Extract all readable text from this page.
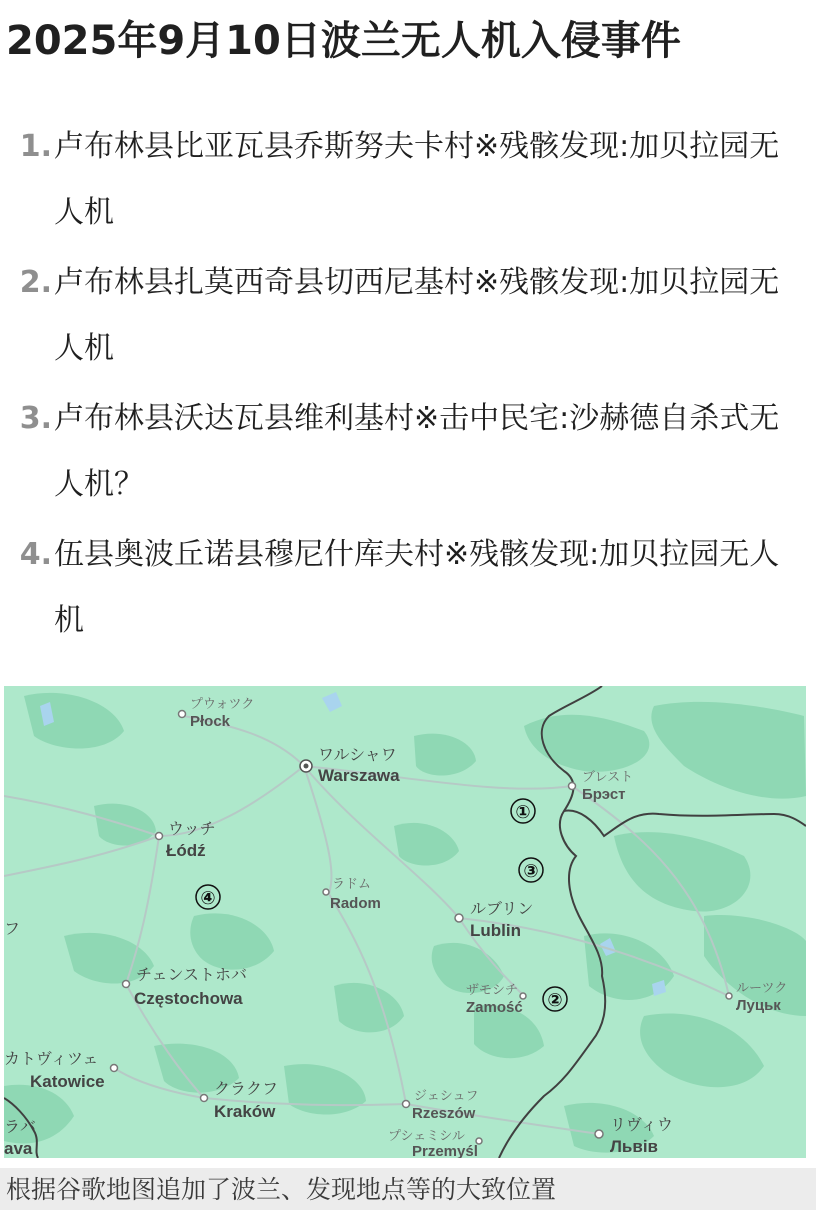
2025年9月10日波兰无人机入侵事件
1. 卢布林县比亚瓦县乔斯努夫卡村※残骸发现:加贝拉园无人机
2. 卢布林县扎莫西奇县切西尼基村※残骸发现:加贝拉园无人机
3. 卢布林县沃达瓦县维利基村※击中民宅:沙赫德自杀式无人机？
4. 伍县奥波丘诺县穆尼什库夫村※残骸发现:加贝拉园无人机
プウォツク
Płock
ワルシャワ
Warszawa	ブレスト
Брэст
ウッチ
Łódź
ラドム
Radom	ルブリン
Lublin
チェンストホバ
Częstochowa	ザモシチ
Zamość
ルーツク
Луцьк
カトヴィツェ
Katowice	クラクフ
Kraków
ジェシュフ
Rzeszów
プシェミシル
Przemyśl
リヴィウ
Львів
フ
ラバ
ava
①
②
③
④
根据谷歌地图追加了波兰、发现地点等的大致位置
